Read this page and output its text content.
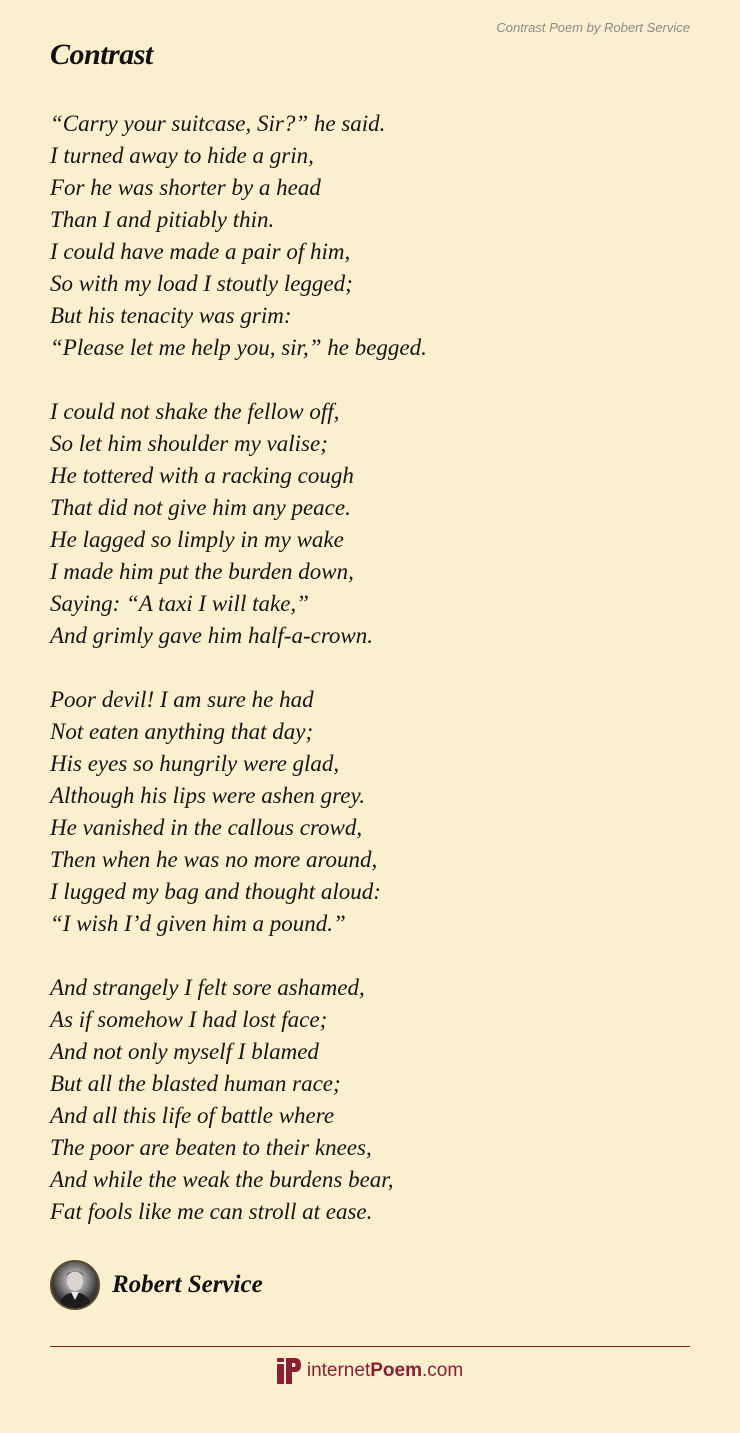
Contrast Poem by Robert Service
Contrast
“Carry your suitcase, Sir?” he said.
I turned away to hide a grin,
For he was shorter by a head
Than I and pitiably thin.
I could have made a pair of him,
So with my load I stoutly legged;
But his tenacity was grim:
“Please let me help you, sir,” he begged.
I could not shake the fellow off,
So let him shoulder my valise;
He tottered with a racking cough
That did not give him any peace.
He lagged so limply in my wake
I made him put the burden down,
Saying: “A taxi I will take,”
And grimly gave him half-a-crown.
Poor devil! I am sure he had
Not eaten anything that day;
His eyes so hungrily were glad,
Although his lips were ashen grey.
He vanished in the callous crowd,
Then when he was no more around,
I lugged my bag and thought aloud:
“I wish I’d given him a pound.”
And strangely I felt sore ashamed,
As if somehow I had lost face;
And not only myself I blamed
But all the blasted human race;
And all this life of battle where
The poor are beaten to their knees,
And while the weak the burdens bear,
Fat fools like me can stroll at ease.
Robert Service
internet Poem .com
